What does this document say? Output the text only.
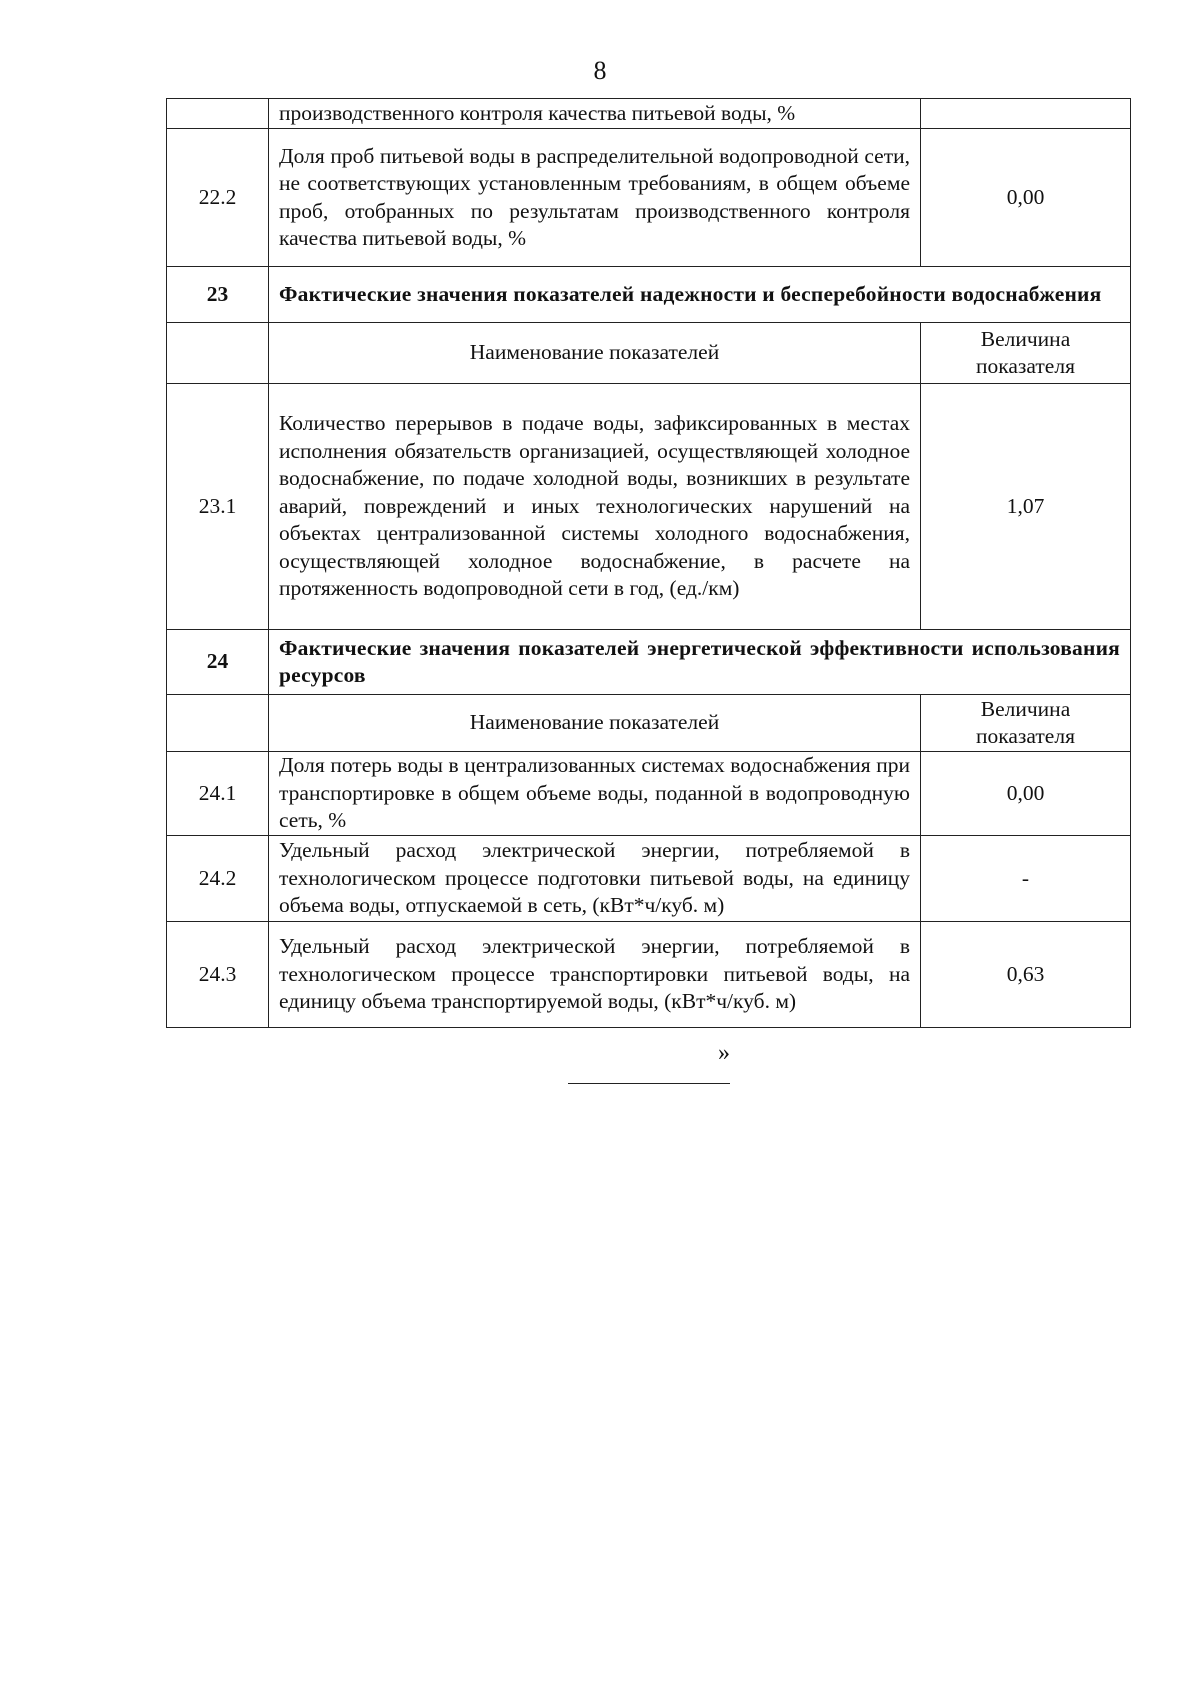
8
	производственного контроля качества питьевой воды, %	
22.2	Доля проб питьевой воды в распределительной водопроводной сети, не соответствующих установленным требованиям, в общем объеме проб, отобранных по результатам производственного контроля качества питьевой воды, %	0,00
23	Фактические значения показателей надежности и бесперебойности водоснабжения	
	Наименование показателей	Величина показателя
23.1	Количество перерывов в подаче воды, зафиксированных в местах исполнения обязательств организацией, осуществляющей холодное водоснабжение, по подаче холодной воды, возникших в результате аварий, повреждений и иных технологических нарушений на объектах централизованной системы холодного водоснабжения, осуществляющей холодное водоснабжение, в расчете на протяженность водопроводной сети в год, (ед./км)	1,07
24	Фактические значения показателей энергетической эффективности использования ресурсов	
	Наименование показателей	Величина показателя
24.1	Доля потерь воды в централизованных системах водоснабжения при транспортировке в общем объеме воды, поданной в водопроводную сеть, %	0,00
24.2	Удельный расход электрической энергии, потребляемой в технологическом процессе подготовки питьевой воды, на единицу объема воды, отпускаемой в сеть, (кВт*ч/куб. м)	-
24.3	Удельный расход электрической энергии, потребляемой в технологическом процессе транспортировки питьевой воды, на единицу объема транспортируемой воды, (кВт*ч/куб. м)	0,63
»
